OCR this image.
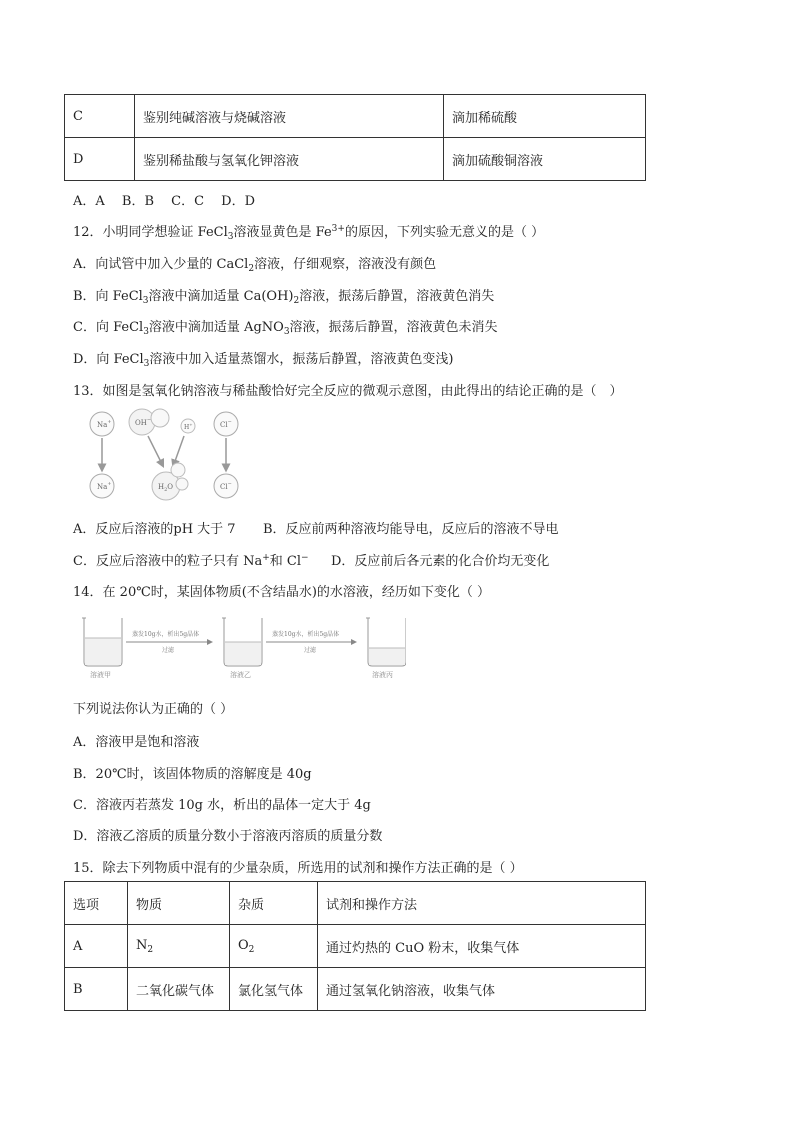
C	鉴别纯碱溶液与烧碱溶液	滴加稀硫酸
D	鉴别稀盐酸与氢氧化钾溶液	滴加硫酸铜溶液
A．A　 B．B　 C．C　 D．D
12．小明同学想验证 FeCl$_3$溶液显黄色是 $Fe^{3+}$的原因，下列实验无意义的是（ ）
A．向试管中加入少量的 CaCl$_2$溶液，仔细观察，溶液没有颜色
B．向 FeCl$_3$溶液中滴加适量 $Ca(OH)_2$溶液，振荡后静置，溶液黄色消失
C．向 FeCl$_3$溶液中滴加适量 AgNO$_3$溶液，振荡后静置，溶液黄色未消失
D．向 FeCl$_3$溶液中加入适量蒸馏水，振荡后静置，溶液黄色变浅)
13．如图是氢氧化钠溶液与稀盐酸恰好完全反应的微观示意图，由此得出的结论正确的是（　）
Na+
Na+
OH−
H+
$H_2O$
Cl−
Cl−
A．反应后溶液的pH 大于 7 B．反应前两种溶液均能导电，反应后的溶液不导电
C．反应后溶液中的粒子只有 Na+和 Cl− D．反应前后各元素的化合价均无变化
14．在 20℃时，某固体物质(不含结晶水)的水溶液，经历如下变化（ ）
溶液甲
蒸发10g水，析出5g晶体
过滤
溶液乙
蒸发10g水，析出5g晶体
过滤
溶液丙
下列说法你认为正确的（ ）
A．溶液甲是饱和溶液
B．20℃时，该固体物质的溶解度是 40g
C．溶液丙若蒸发 10g 水，析出的晶体一定大于 4g
D．溶液乙溶质的质量分数小于溶液丙溶质的质量分数
15．除去下列物质中混有的少量杂质，所选用的试剂和操作方法正确的是（ ）
选项	物质	杂质	试剂和操作方法
A	$N_2$	$O_2$	通过灼热的 CuO 粉末，收集气体
B	二氧化碳气体	氯化氢气体	通过氢氧化钠溶液，收集气体
